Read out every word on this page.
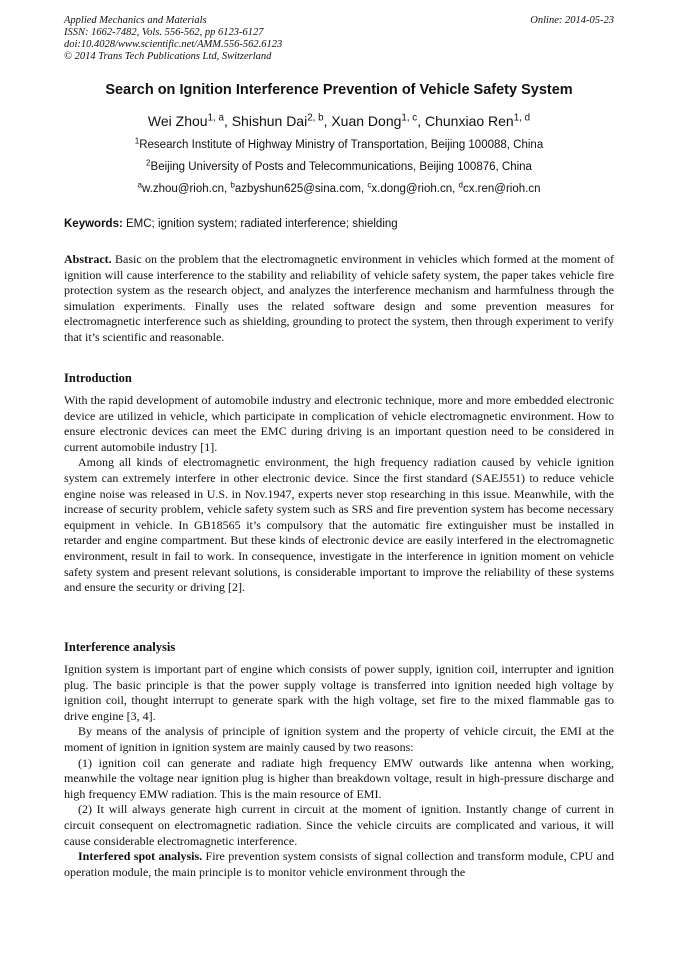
Applied Mechanics and Materials
ISSN: 1662-7482, Vols. 556-562, pp 6123-6127
doi:10.4028/www.scientific.net/AMM.556-562.6123
© 2014 Trans Tech Publications Ltd, Switzerland
Online: 2014-05-23
Search on Ignition Interference Prevention of Vehicle Safety System
Wei Zhou$^{1, a}$, Shishun Dai$^{2, b}$, Xuan Dong$^{1, c}$, Chunxiao Ren$^{1, d}$
$^1$Research Institute of Highway Ministry of Transportation, Beijing 100088, China
$^2$Beijing University of Posts and Telecommunications, Beijing 100876, China
$^a$w.zhou@rioh.cn, $^b$azbyshun625@sina.com, $^c$x.dong@rioh.cn, $^d$cx.ren@rioh.cn
Keywords: EMC; ignition system; radiated interference; shielding

Abstract. Basic on the problem that the electromagnetic environment in vehicles which formed at the moment of ignition will cause interference to the stability and reliability of vehicle safety system, the paper takes vehicle fire protection system as the research object, and analyzes the interference mechanism and harmfulness through the simulation experiments. Finally uses the related software design and some prevention measures for electromagnetic interference such as shielding, grounding to protect the system, then through experiment to verify that it’s scientific and reasonable.

Introduction

With the rapid development of automobile industry and electronic technique, more and more embedded electronic device are utilized in vehicle, which participate in complication of vehicle electromagnetic environment. How to ensure electronic devices can meet the EMC during driving is an important question need to be considered in current automobile industry [1].

Among all kinds of electromagnetic environment, the high frequency radiation caused by vehicle ignition system can extremely interfere in other electronic device. Since the first standard (SAEJ551) to reduce vehicle engine noise was released in U.S. in Nov.1947, experts never stop researching in this issue. Meanwhile, with the increase of security problem, vehicle safety system such as SRS and fire prevention system has become necessary equipment in vehicle. In GB18565 it’s compulsory that the automatic fire extinguisher must be installed in retarder and engine compartment. But these kinds of electronic device are easily interfered in the electromagnetic environment, result in fail to work. In consequence, investigate in the interference in ignition moment on vehicle safety system and present relevant solutions, is considerable important to improve the reliability of these systems and ensure the security or driving [2].

Interference analysis

Ignition system is important part of engine which consists of power supply, ignition coil, interrupter and ignition plug. The basic principle is that the power supply voltage is transferred into ignition needed high voltage by ignition coil, thought interrupt to generate spark with the high voltage, set fire to the mixed flammable gas to drive engine [3, 4].

By means of the analysis of principle of ignition system and the property of vehicle circuit, the EMI at the moment of ignition in ignition system are mainly caused by two reasons:

(1) ignition coil can generate and radiate high frequency EMW outwards like antenna when working, meanwhile the voltage near ignition plug is higher than breakdown voltage, result in high-pressure discharge and high frequency EMW radiation. This is the main resource of EMI.

(2) It will always generate high current in circuit at the moment of ignition. Instantly change of current in circuit consequent on electromagnetic radiation. Since the vehicle circuits are complicated and various, it will cause considerable electromagnetic interference.

Interfered spot analysis. Fire prevention system consists of signal collection and transform module, CPU and operation module, the main principle is to monitor vehicle environment through the
